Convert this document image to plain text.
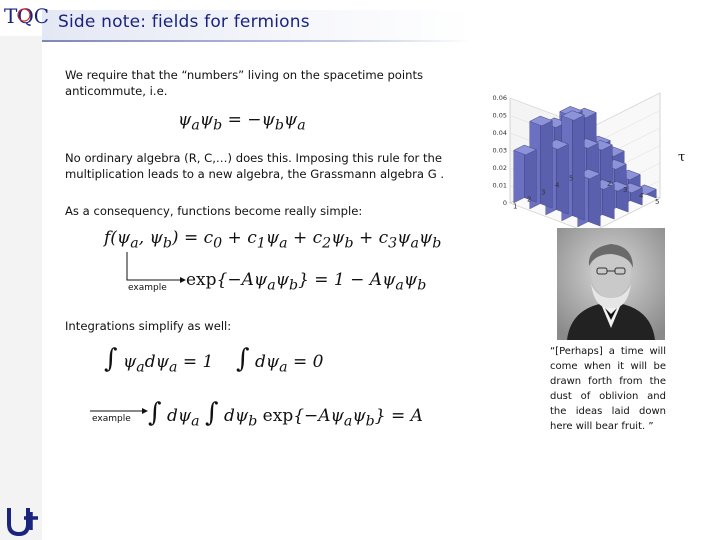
TQC Side note: fields for fermions
We require that the “numbers” living on the spacetime points anticommute, i.e.
$\psi_a\psi_b = -\psi_b\psi_a$
No ordinary algebra (R, C,…) does this. Imposing this rule for the multiplication leads to a new algebra, the Grassmann algebra G .
τ
As a consequency, functions become really simple:
$f(\psi_a$, $\psi_b) = c_0 + c_1\psi_a + c_2\psi_b + c_3\psi_a\psi_b$
example $\exp\{-A\psi_a\psi_b\} = 1 - A\psi_a\psi_b$
Integrations simplify as well:
∫ $\psi_ad\psi_a = 1$ ∫ $d\psi_a = 0$
example ∫ $d\psi_a$ ∫ $d\psi_b$ $\exp\{-A\psi_a\psi_b\} = A$
0.06
0.05
0.04
0.03
0.02
0.01
0 1
2
3
4
5
2
3
4
5
“[Perhaps] a time will come when it will be drawn forth from the dust of oblivion and the ideas laid down here will bear fruit. ”
